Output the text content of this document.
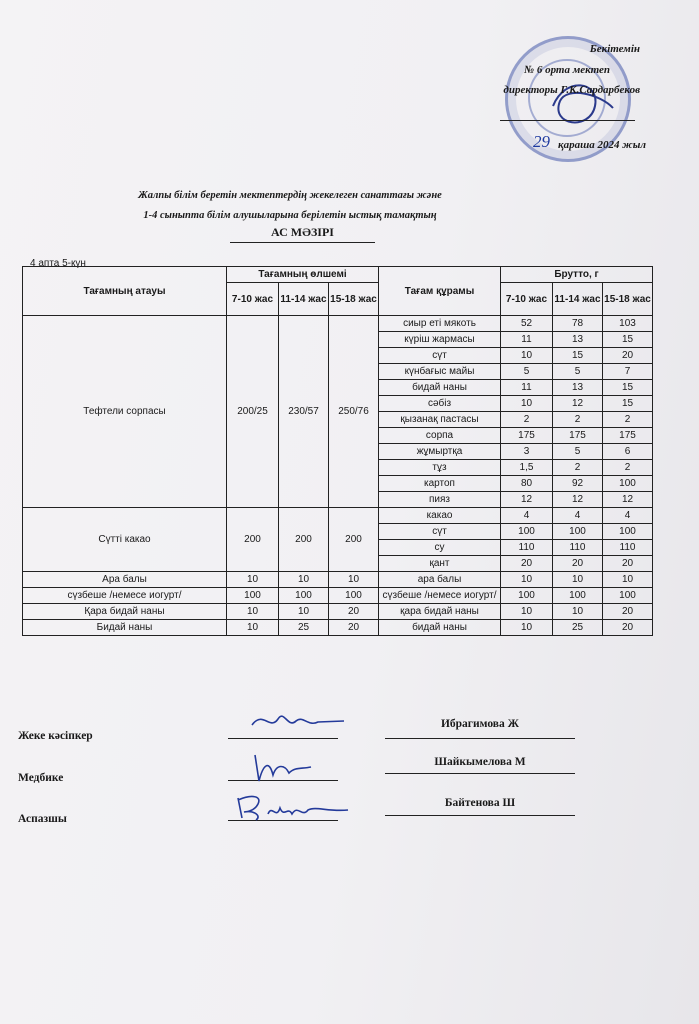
Бекітемін
№ 6 орта мектеп
директоры Г.К.Сардарбеков
29 қараша 2024 жыл
Жалпы білім беретін мектептердің жекелеген санаттағы және
1-4 сыныпта білім алушыларына берілетін ыстық тамақтың
АС МӘЗІРІ
4 апта 5-күн
Тағамның атауы	Тағамның өлшемі			Тағам құрамы	Брутто, г		
	7-10 жас	11-14 жас	15-18 жас		7-10 жас	11-14 жас	15-18 жас
Тефтели сорпасы	200/25	230/57	250/76	сиыр еті мякоть	52	78	103
				күріш жармасы	11	13	15
				сүт	10	15	20
				күнбағыс майы	5	5	7
				бидай наны	11	13	15
				сәбіз	10	12	15
				қызанақ пастасы	2	2	2
				сорпа	175	175	175
				жұмыртқа	3	5	6
				тұз	1,5	2	2
				картоп	80	92	100
				пияз	12	12	12
Сүтті какао	200	200	200	какао	4	4	4
				сүт	100	100	100
				су	110	110	110
				қант	20	20	20
Ара балы	10	10	10	ара балы	10	10	10
сүзбеше /немесе иогурт/	100	100	100	сүзбеше /немесе иогурт/	100	100	100
Қара бидай наны	10	10	20	қара бидай наны	10	10	20
Бидай наны	10	25	20	бидай наны	10	25	20
Жеке кәсіпкер
Ибрагимова Ж
Медбике
Шайкымелова М
Аспазшы
Байтенова Ш
